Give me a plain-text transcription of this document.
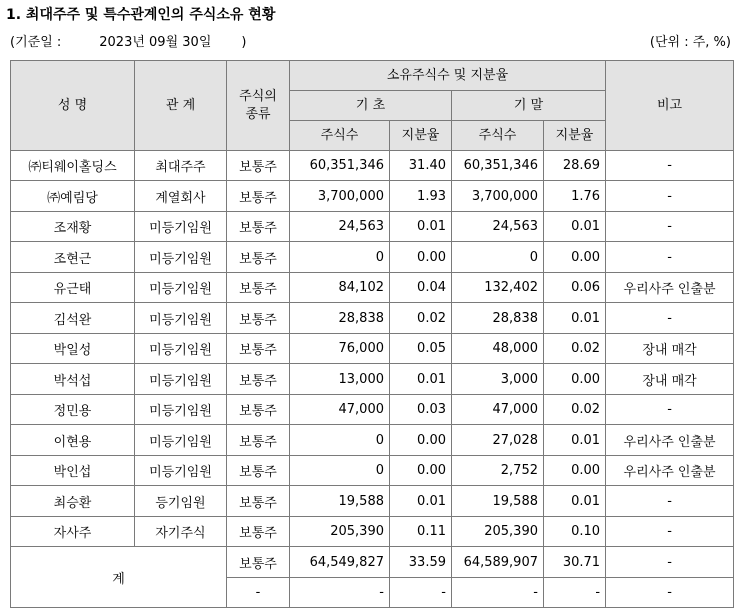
1. 최대주주 및 특수관계인의 주식소유 현황
(기준일 :	2023년 09월 30일 )	(단위 : 주, %)
성 명	관 계	주식의
종류	소유주식수 및 지분율				비고
			기 초		기 말		
			주식수	지분율	주식수	지분율	
㈜티웨이홀딩스	최대주주	보통주	60,351,346	31.40	60,351,346	28.69	-
㈜예림당	계열회사	보통주	3,700,000	1.93	3,700,000	1.76	-
조재황	미등기임원	보통주	24,563	0.01	24,563	0.01	-
조현근	미등기임원	보통주	0	0.00	0	0.00	-
유근태	미등기임원	보통주	84,102	0.04	132,402	0.06	우리사주 인출분
김석완	미등기임원	보통주	28,838	0.02	28,838	0.01	-
박일성	미등기임원	보통주	76,000	0.05	48,000	0.02	장내 매각
박석섭	미등기임원	보통주	13,000	0.01	3,000	0.00	장내 매각
정민용	미등기임원	보통주	47,000	0.03	47,000	0.02	-
이현용	미등기임원	보통주	0	0.00	27,028	0.01	우리사주 인출분
박인섭	미등기임원	보통주	0	0.00	2,752	0.00	우리사주 인출분
최승환	등기임원	보통주	19,588	0.01	19,588	0.01	-
자사주	자기주식	보통주	205,390	0.11	205,390	0.10	-
계		보통주	64,549,827	33.59	64,589,907	30.71	-
		-	-	-	-	-	-
